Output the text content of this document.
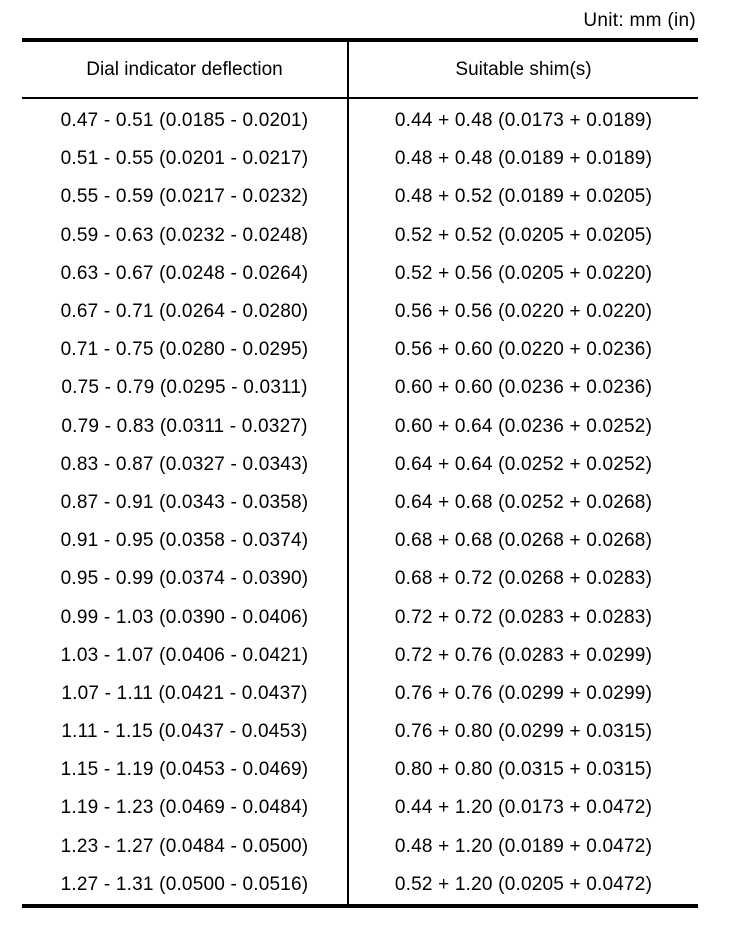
Unit: mm (in)
Dial indicator deflection	Suitable shim(s)
0.47 - 0.51 (0.0185 - 0.0201)	0.44 + 0.48 (0.0173 + 0.0189)
0.51 - 0.55 (0.0201 - 0.0217)	0.48 + 0.48 (0.0189 + 0.0189)
0.55 - 0.59 (0.0217 - 0.0232)	0.48 + 0.52 (0.0189 + 0.0205)
0.59 - 0.63 (0.0232 - 0.0248)	0.52 + 0.52 (0.0205 + 0.0205)
0.63 - 0.67 (0.0248 - 0.0264)	0.52 + 0.56 (0.0205 + 0.0220)
0.67 - 0.71 (0.0264 - 0.0280)	0.56 + 0.56 (0.0220 + 0.0220)
0.71 - 0.75 (0.0280 - 0.0295)	0.56 + 0.60 (0.0220 + 0.0236)
0.75 - 0.79 (0.0295 - 0.0311)	0.60 + 0.60 (0.0236 + 0.0236)
0.79 - 0.83 (0.0311 - 0.0327)	0.60 + 0.64 (0.0236 + 0.0252)
0.83 - 0.87 (0.0327 - 0.0343)	0.64 + 0.64 (0.0252 + 0.0252)
0.87 - 0.91 (0.0343 - 0.0358)	0.64 + 0.68 (0.0252 + 0.0268)
0.91 - 0.95 (0.0358 - 0.0374)	0.68 + 0.68 (0.0268 + 0.0268)
0.95 - 0.99 (0.0374 - 0.0390)	0.68 + 0.72 (0.0268 + 0.0283)
0.99 - 1.03 (0.0390 - 0.0406)	0.72 + 0.72 (0.0283 + 0.0283)
1.03 - 1.07 (0.0406 - 0.0421)	0.72 + 0.76 (0.0283 + 0.0299)
1.07 - 1.11 (0.0421 - 0.0437)	0.76 + 0.76 (0.0299 + 0.0299)
1.11 - 1.15 (0.0437 - 0.0453)	0.76 + 0.80 (0.0299 + 0.0315)
1.15 - 1.19 (0.0453 - 0.0469)	0.80 + 0.80 (0.0315 + 0.0315)
1.19 - 1.23 (0.0469 - 0.0484)	0.44 + 1.20 (0.0173 + 0.0472)
1.23 - 1.27 (0.0484 - 0.0500)	0.48 + 1.20 (0.0189 + 0.0472)
1.27 - 1.31 (0.0500 - 0.0516)	0.52 + 1.20 (0.0205 + 0.0472)
